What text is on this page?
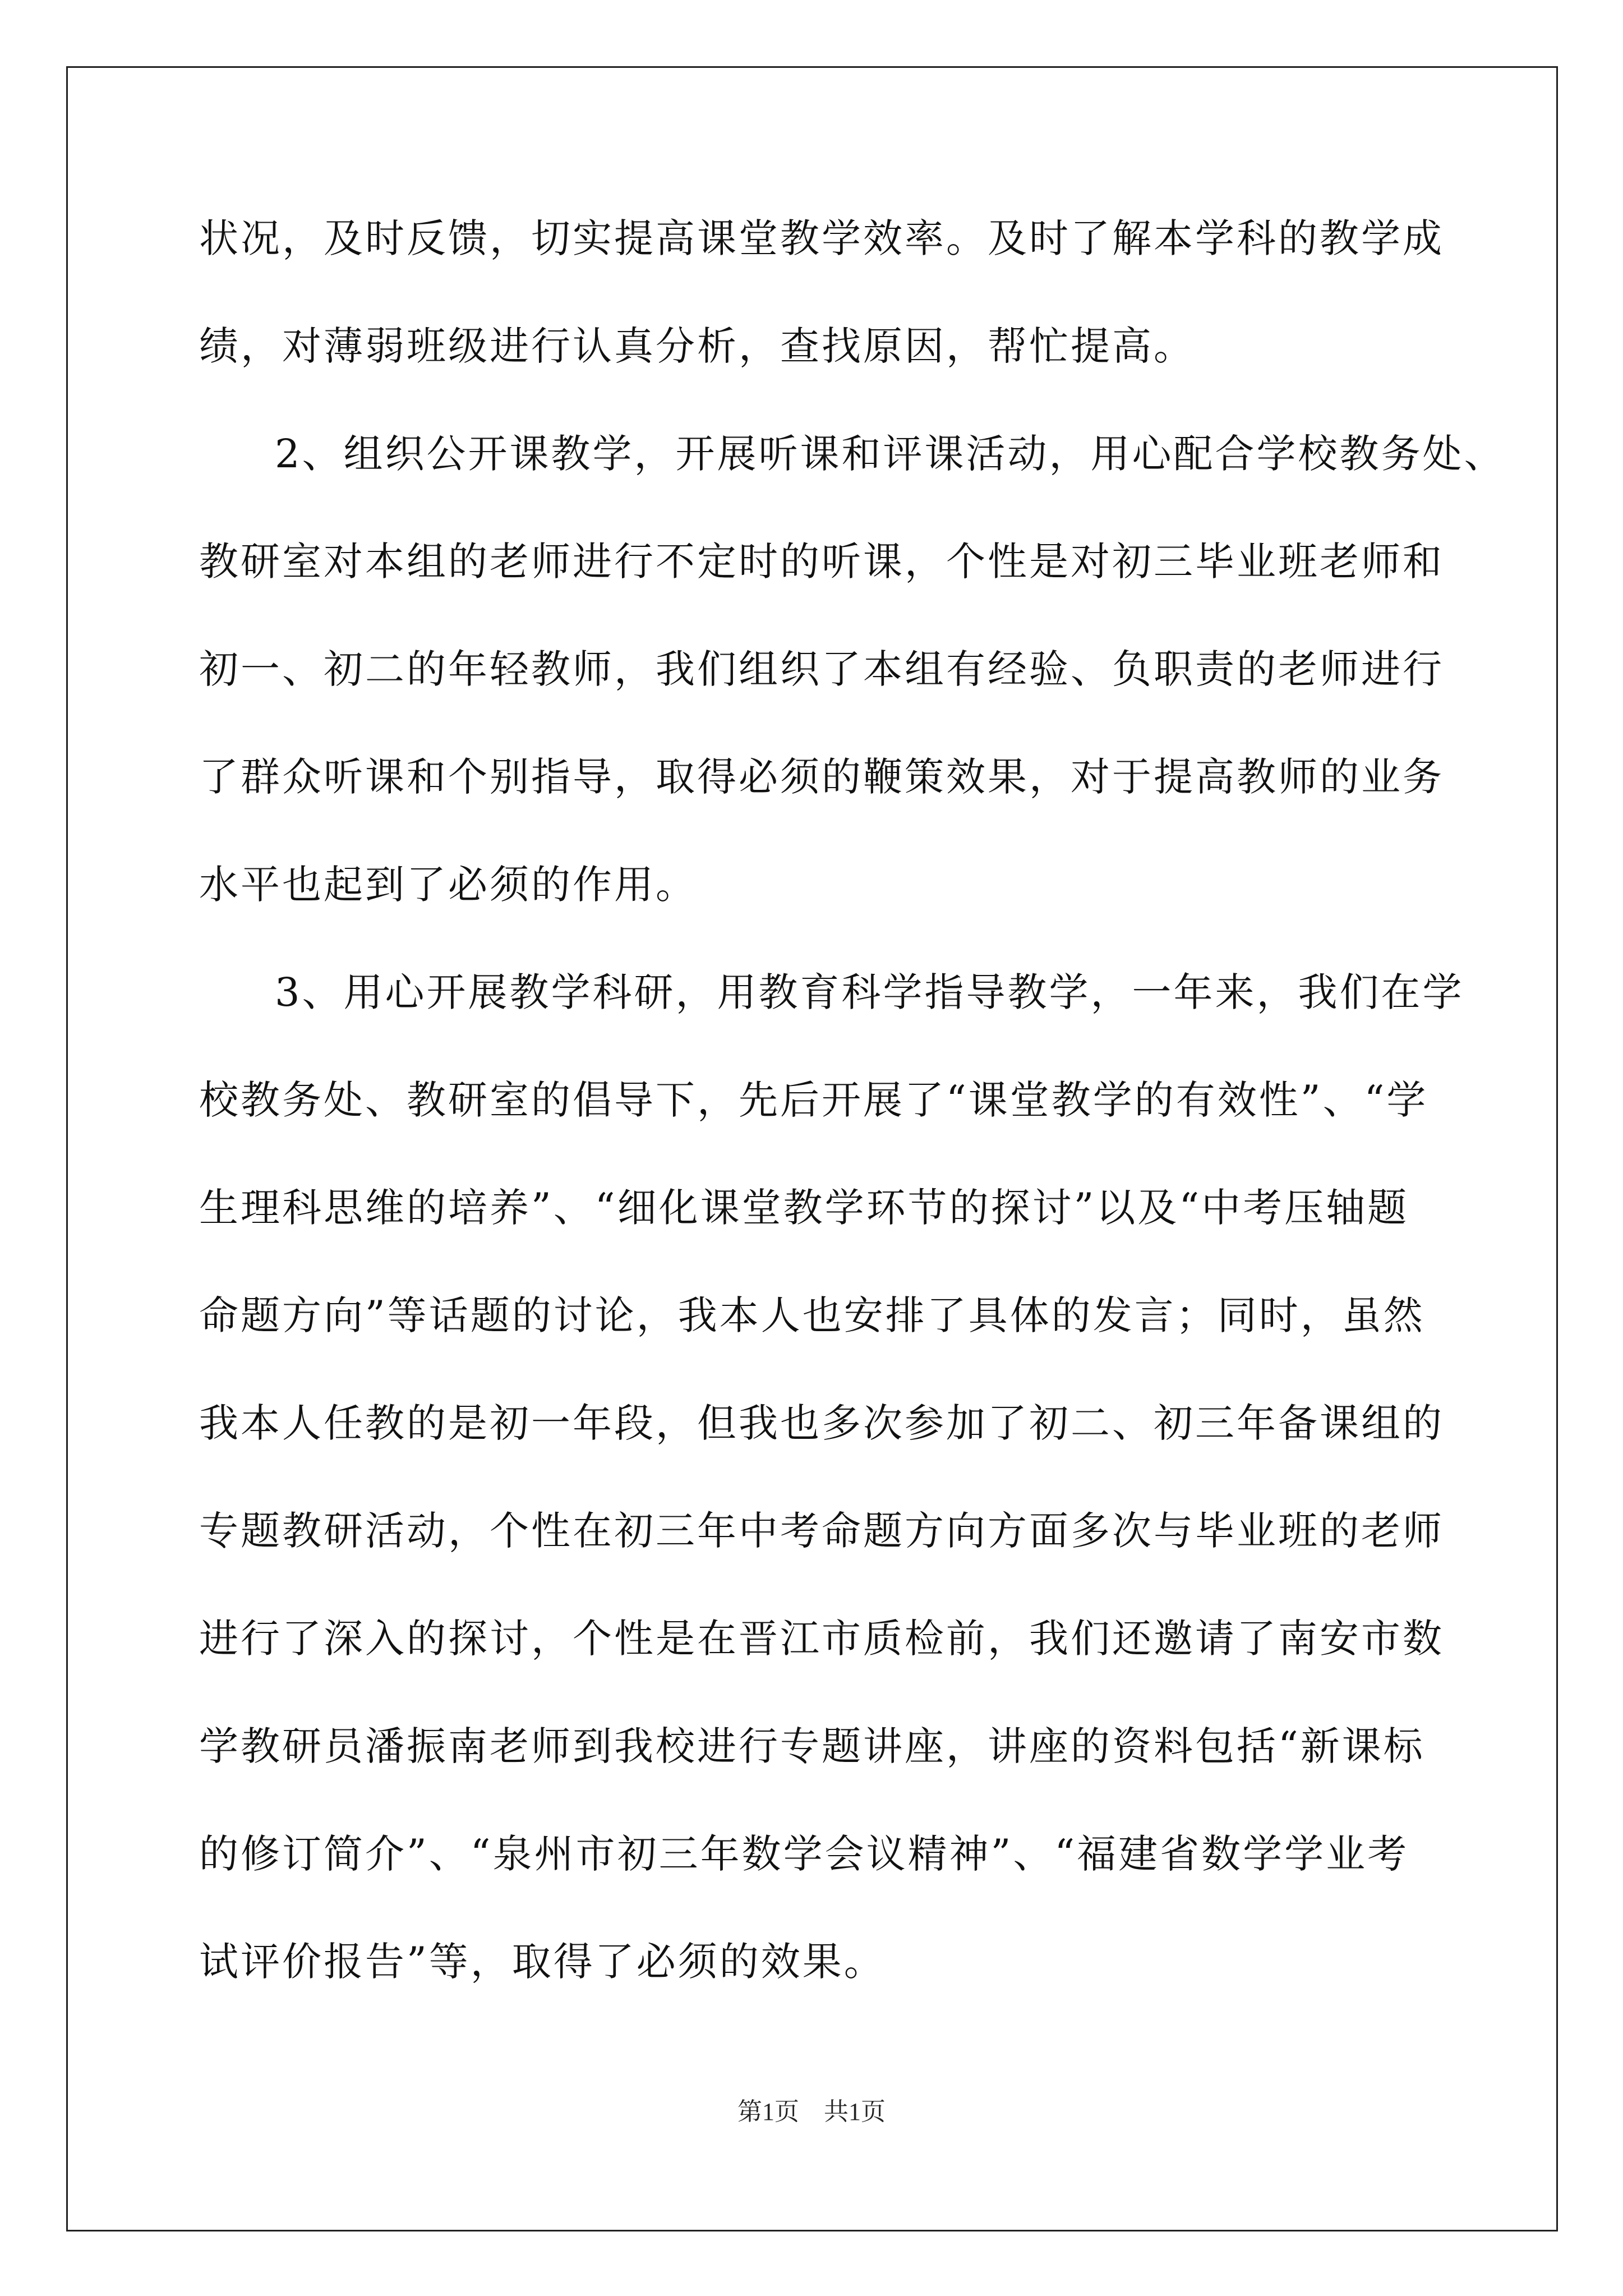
状况，及时反馈，切实提高课堂教学效率。及时了解本学科的教学成
绩，对薄弱班级进行认真分析，查找原因，帮忙提高。
2、组织公开课教学，开展听课和评课活动，用心配合学校教务处、
教研室对本组的老师进行不定时的听课，个性是对初三毕业班老师和
初一、初二的年轻教师，我们组织了本组有经验、负职责的老师进行
了群众听课和个别指导，取得必须的鞭策效果，对于提高教师的业务
水平也起到了必须的作用。
3、用心开展教学科研，用教育科学指导教学，一年来，我们在学
校教务处、教研室的倡导下，先后开展了“课堂教学的有效性”、“学
生理科思维的培养”、“细化课堂教学环节的探讨”以及“中考压轴题
命题方向”等话题的讨论，我本人也安排了具体的发言；同时，虽然
我本人任教的是初一年段，但我也多次参加了初二、初三年备课组的
专题教研活动，个性在初三年中考命题方向方面多次与毕业班的老师
进行了深入的探讨，个性是在晋江市质检前，我们还邀请了南安市数
学教研员潘振南老师到我校进行专题讲座，讲座的资料包括“新课标
的修订简介”、“泉州市初三年数学会议精神”、“福建省数学学业考
试评价报告”等，取得了必须的效果。
第1页　共1页
